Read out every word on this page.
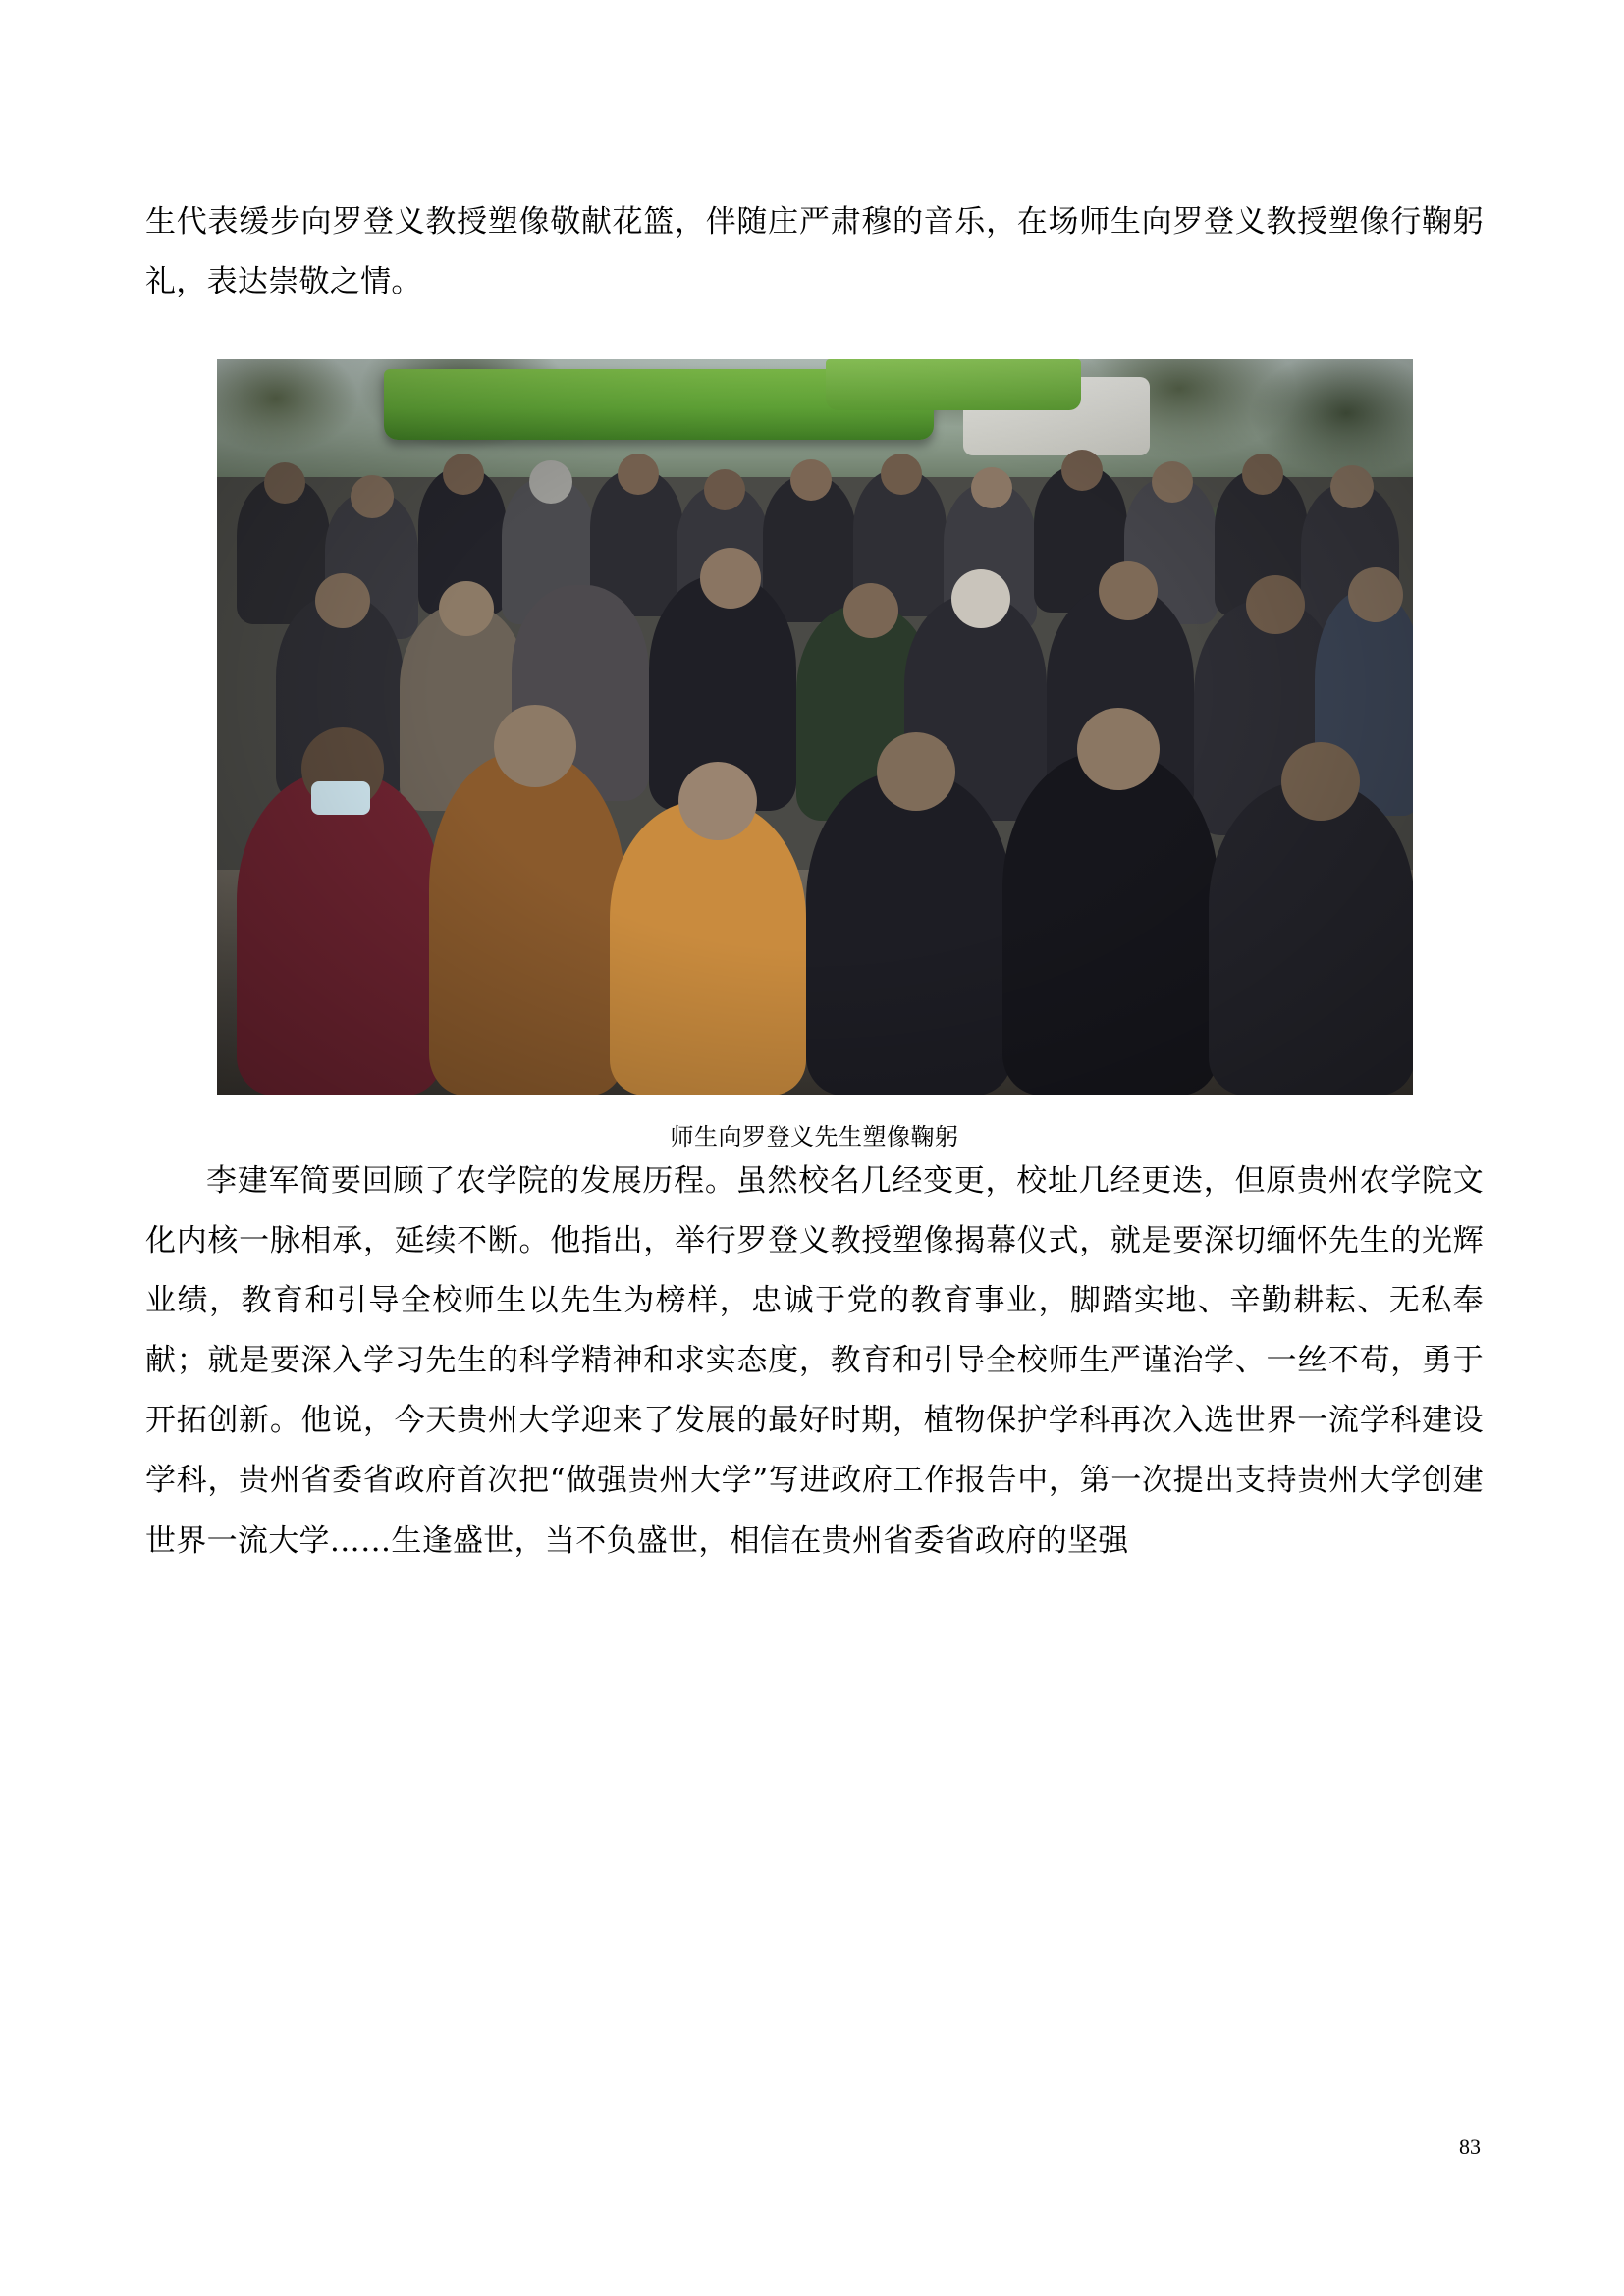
生代表缓步向罗登义教授塑像敬献花篮，伴随庄严肃穆的音乐，在场师生向罗登义教授塑像行鞠躬礼，表达崇敬之情。

师生向罗登义先生塑像鞠躬

李建军简要回顾了农学院的发展历程。虽然校名几经变更，校址几经更迭，但原贵州农学院文化内核一脉相承，延续不断。他指出，举行罗登义教授塑像揭幕仪式，就是要深切缅怀先生的光辉业绩，教育和引导全校师生以先生为榜样，忠诚于党的教育事业，脚踏实地、辛勤耕耘、无私奉献；就是要深入学习先生的科学精神和求实态度，教育和引导全校师生严谨治学、一丝不苟，勇于开拓创新。他说，今天贵州大学迎来了发展的最好时期，植物保护学科再次入选世界一流学科建设学科，贵州省委省政府首次把“做强贵州大学”写进政府工作报告中，第一次提出支持贵州大学创建世界一流大学……生逢盛世，当不负盛世，相信在贵州省委省政府的坚强

83
